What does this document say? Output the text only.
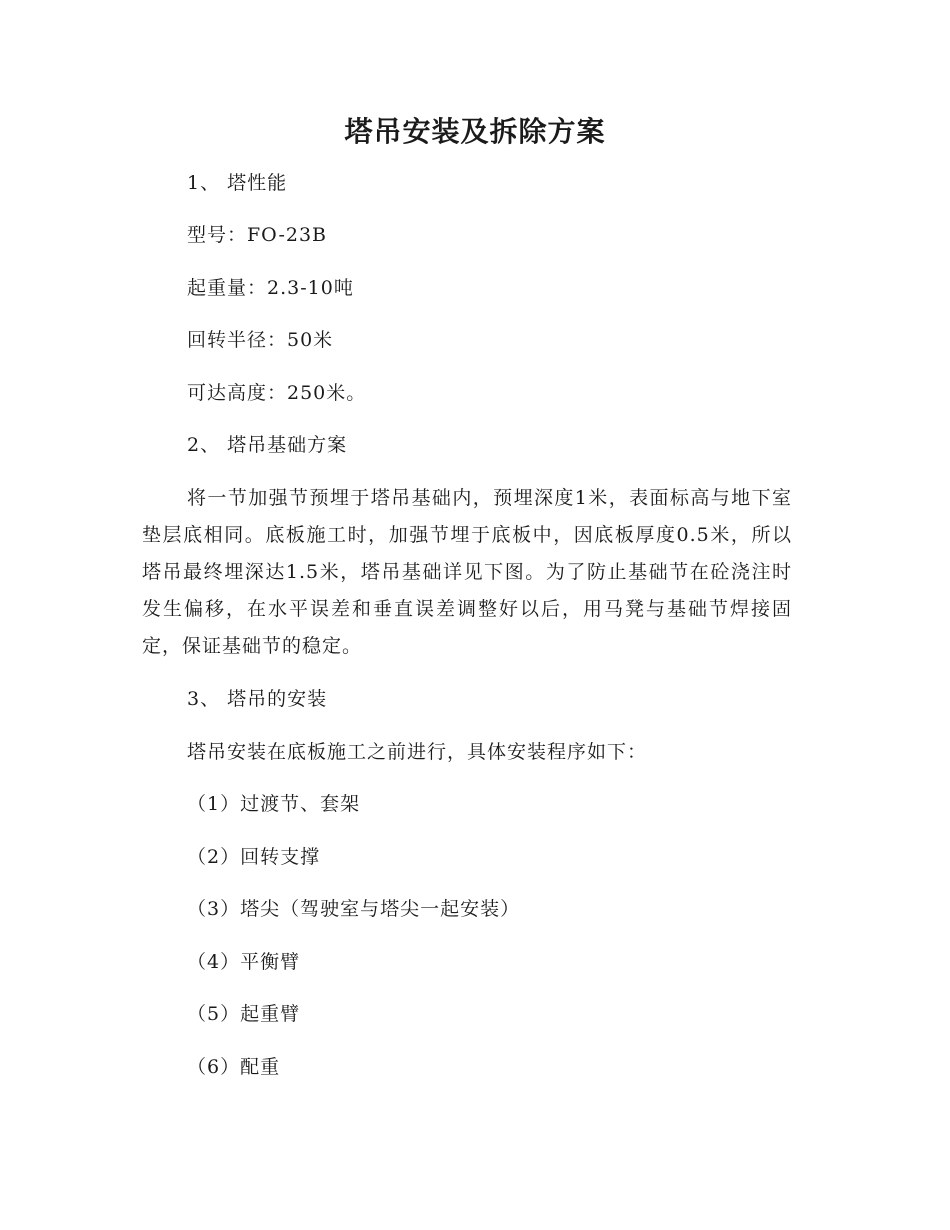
塔吊安装及拆除方案
1、 塔性能
型号：FO-23B
起重量：2.3-10吨
回转半径：50米
可达高度：250米。
2、 塔吊基础方案

将一节加强节预埋于塔吊基础内，预埋深度1米，表面标高与地下室垫层底相同。底板施工时，加强节埋于底板中，因底板厚度0.5米，所以塔吊最终埋深达1.5米，塔吊基础详见下图。为了防止基础节在砼浇注时发生偏移，在水平误差和垂直误差调整好以后，用马凳与基础节焊接固定，保证基础节的稳定。

3、 塔吊的安装
塔吊安装在底板施工之前进行，具体安装程序如下：
（1）过渡节、套架
（2）回转支撑
（3）塔尖（驾驶室与塔尖一起安装）
（4）平衡臂
（5）起重臂
（6）配重
